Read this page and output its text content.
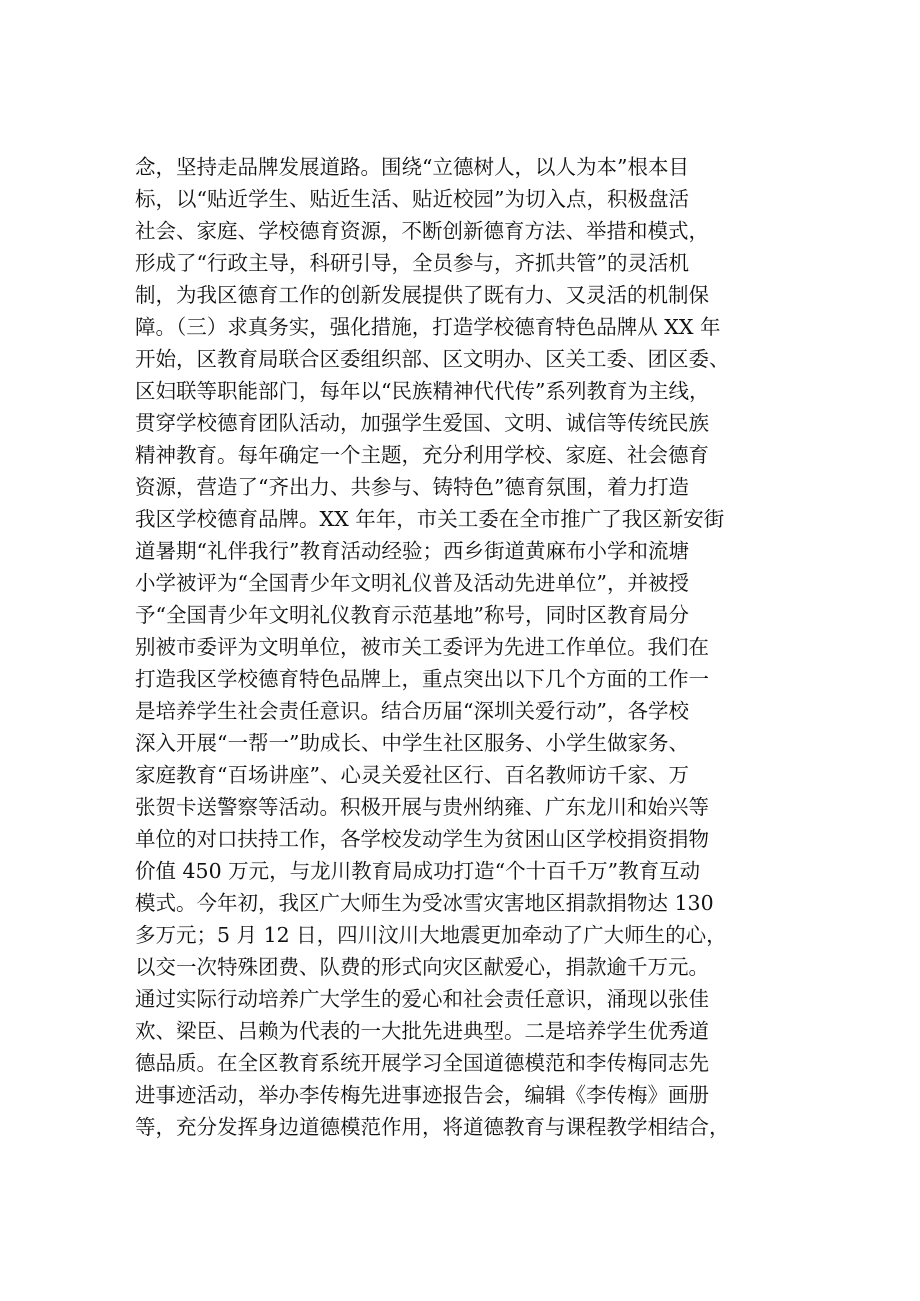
念，坚持走品牌发展道路。围绕“立德树人，以人为本”根本目
标，以“贴近学生、贴近生活、贴近校园”为切入点，积极盘活
社会、家庭、学校德育资源，不断创新德育方法、举措和模式，
形成了“行政主导，科研引导，全员参与，齐抓共管”的灵活机
制，为我区德育工作的创新发展提供了既有力、又灵活的机制保
障。（三）求真务实，强化措施，打造学校德育特色品牌从 XX 年
开始，区教育局联合区委组织部、区文明办、区关工委、团区委、
区妇联等职能部门，每年以“民族精神代代传”系列教育为主线，
贯穿学校德育团队活动，加强学生爱国、文明、诚信等传统民族
精神教育。每年确定一个主题，充分利用学校、家庭、社会德育
资源，营造了“齐出力、共参与、铸特色”德育氛围，着力打造
我区学校德育品牌。XX 年年，市关工委在全市推广了我区新安街
道暑期“礼伴我行”教育活动经验；西乡街道黄麻布小学和流塘
小学被评为“全国青少年文明礼仪普及活动先进单位”，并被授
予“全国青少年文明礼仪教育示范基地”称号，同时区教育局分
别被市委评为文明单位，被市关工委评为先进工作单位。我们在
打造我区学校德育特色品牌上，重点突出以下几个方面的工作一
是培养学生社会责任意识。结合历届“深圳关爱行动”，各学校
深入开展“一帮一”助成长、中学生社区服务、小学生做家务、
家庭教育“百场讲座”、心灵关爱社区行、百名教师访千家、万
张贺卡送警察等活动。积极开展与贵州纳雍、广东龙川和始兴等
单位的对口扶持工作，各学校发动学生为贫困山区学校捐资捐物
价值 450 万元，与龙川教育局成功打造“个十百千万”教育互动
模式。今年初，我区广大师生为受冰雪灾害地区捐款捐物达 130
多万元；5 月 12 日，四川汶川大地震更加牵动了广大师生的心，
以交一次特殊团费、队费的形式向灾区献爱心，捐款逾千万元。
通过实际行动培养广大学生的爱心和社会责任意识，涌现以张佳
欢、梁臣、吕赖为代表的一大批先进典型。二是培养学生优秀道
德品质。在全区教育系统开展学习全国道德模范和李传梅同志先
进事迹活动，举办李传梅先进事迹报告会，编辑《李传梅》画册
等，充分发挥身边道德模范作用，将道德教育与课程教学相结合，
